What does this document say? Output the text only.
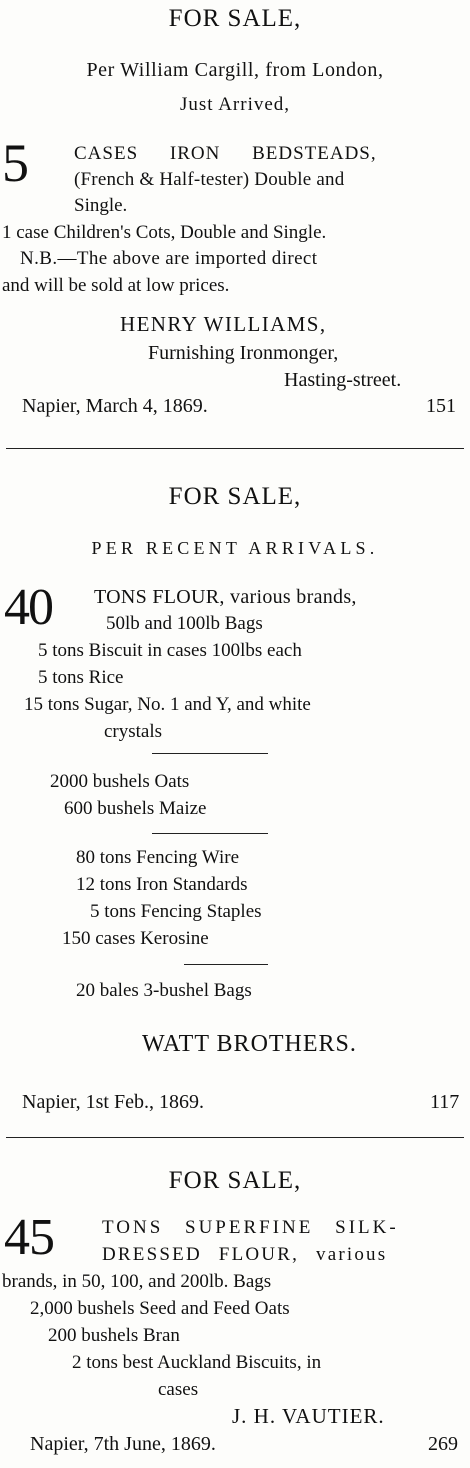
FOR SALE,
Per William Cargill, from London,
Just Arrived,
5 CASES IRON BEDSTEADS,
(French & Half-tester) Double and
Single.
1 case Children's Cots, Double and Single.
N.B.—The above are imported direct
and will be sold at low prices.
HENRY WILLIAMS,
Furnishing Ironmonger,
Hasting-street.
Napier, March 4, 1869.	151
FOR SALE,
PER RECENT ARRIVALS.
40 TONS FLOUR, various brands,
50lb and 100lb Bags
5 tons Biscuit in cases 100lbs each
5 tons Rice
15 tons Sugar, No. 1 and Y, and white
crystals
2000 bushels Oats
600 bushels Maize
80 tons Fencing Wire
12 tons Iron Standards
5 tons Fencing Staples
150 cases Kerosine
20 bales 3-bushel Bags
WATT BROTHERS.
Napier, 1st Feb., 1869.	117
FOR SALE,
45	TONS SUPERFINE SILK-
DRESSED FLOUR, various
brands, in 50, 100, and 200lb. Bags
2,000 bushels Seed and Feed Oats
200 bushels Bran
2 tons best Auckland Biscuits, in
cases
J. H. VAUTIER.
Napier, 7th June, 1869.	269
